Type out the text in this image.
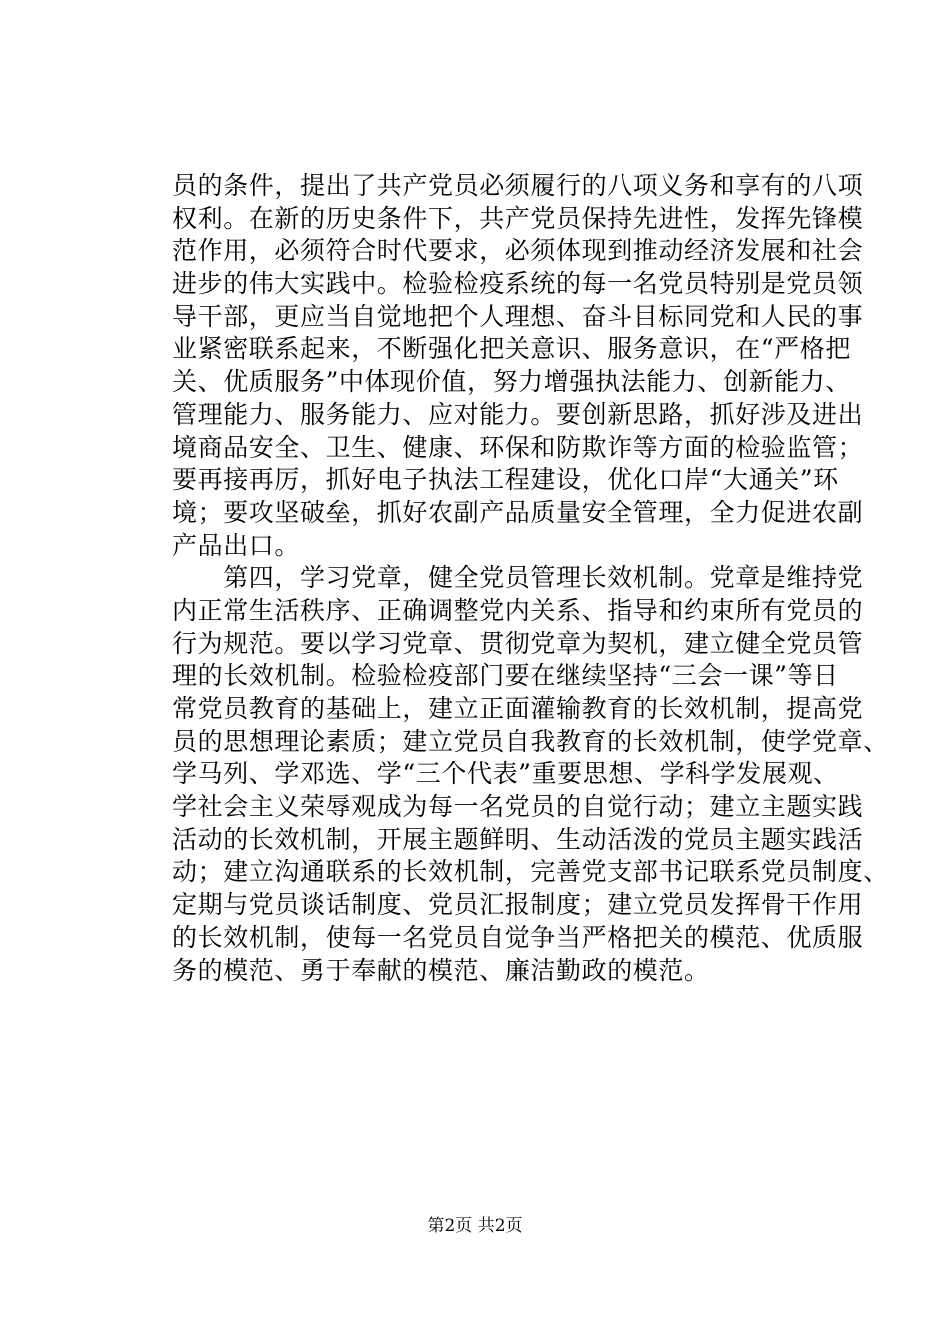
员的条件，提出了共产党员必须履行的八项义务和享有的八项
权利。在新的历史条件下，共产党员保持先进性，发挥先锋模
范作用，必须符合时代要求，必须体现到推动经济发展和社会
进步的伟大实践中。检验检疫系统的每一名党员特别是党员领
导干部，更应当自觉地把个人理想、奋斗目标同党和人民的事
业紧密联系起来，不断强化把关意识、服务意识，在“严格把
关、优质服务”中体现价值，努力增强执法能力、创新能力、
管理能力、服务能力、应对能力。要创新思路，抓好涉及进出
境商品安全、卫生、健康、环保和防欺诈等方面的检验监管；
要再接再厉，抓好电子执法工程建设，优化口岸“大通关”环
境；要攻坚破垒，抓好农副产品质量安全管理，全力促进农副
产品出口。
　　第四，学习党章，健全党员管理长效机制。党章是维持党
内正常生活秩序、正确调整党内关系、指导和约束所有党员的
行为规范。要以学习党章、贯彻党章为契机，建立健全党员管
理的长效机制。检验检疫部门要在继续坚持“三会一课”等日
常党员教育的基础上，建立正面灌输教育的长效机制，提高党
员的思想理论素质；建立党员自我教育的长效机制，使学党章、
学马列、学邓选、学“三个代表”重要思想、学科学发展观、
学社会主义荣辱观成为每一名党员的自觉行动；建立主题实践
活动的长效机制，开展主题鲜明、生动活泼的党员主题实践活
动；建立沟通联系的长效机制，完善党支部书记联系党员制度、
定期与党员谈话制度、党员汇报制度；建立党员发挥骨干作用
的长效机制，使每一名党员自觉争当严格把关的模范、优质服
务的模范、勇于奉献的模范、廉洁勤政的模范。
第2页 共2页
